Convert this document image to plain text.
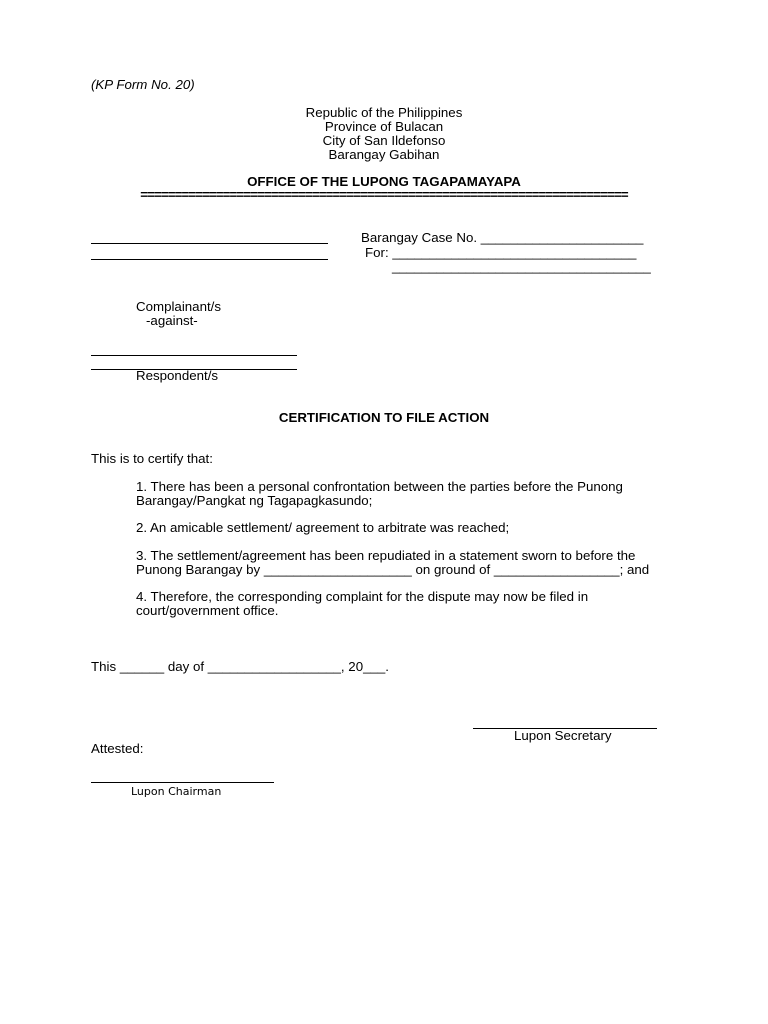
(KP Form No. 20)
Republic of the Philippines
Province of Bulacan
City of San Ildefonso
Barangay Gabihan
OFFICE OF THE LUPONG TAGAPAMAYAPA
=======================================================================
Barangay Case No. ______________________
For: _________________________________
___________________________________
Complainant/s
-against-
Respondent/s
CERTIFICATION TO FILE ACTION
This is to certify that:
1. There has been a personal confrontation between the parties before the Punong
Barangay/Pangkat ng Tagapagkasundo;
2. An amicable settlement/ agreement to arbitrate was reached;
3. The settlement/agreement has been repudiated in a statement sworn to before the
Punong Barangay by ____________________ on ground of _________________; and
4. Therefore, the corresponding complaint for the dispute may now be filed in
court/government office.
This ______ day of __________________, 20___.
Lupon Secretary
Attested:
Lupon Chairman
